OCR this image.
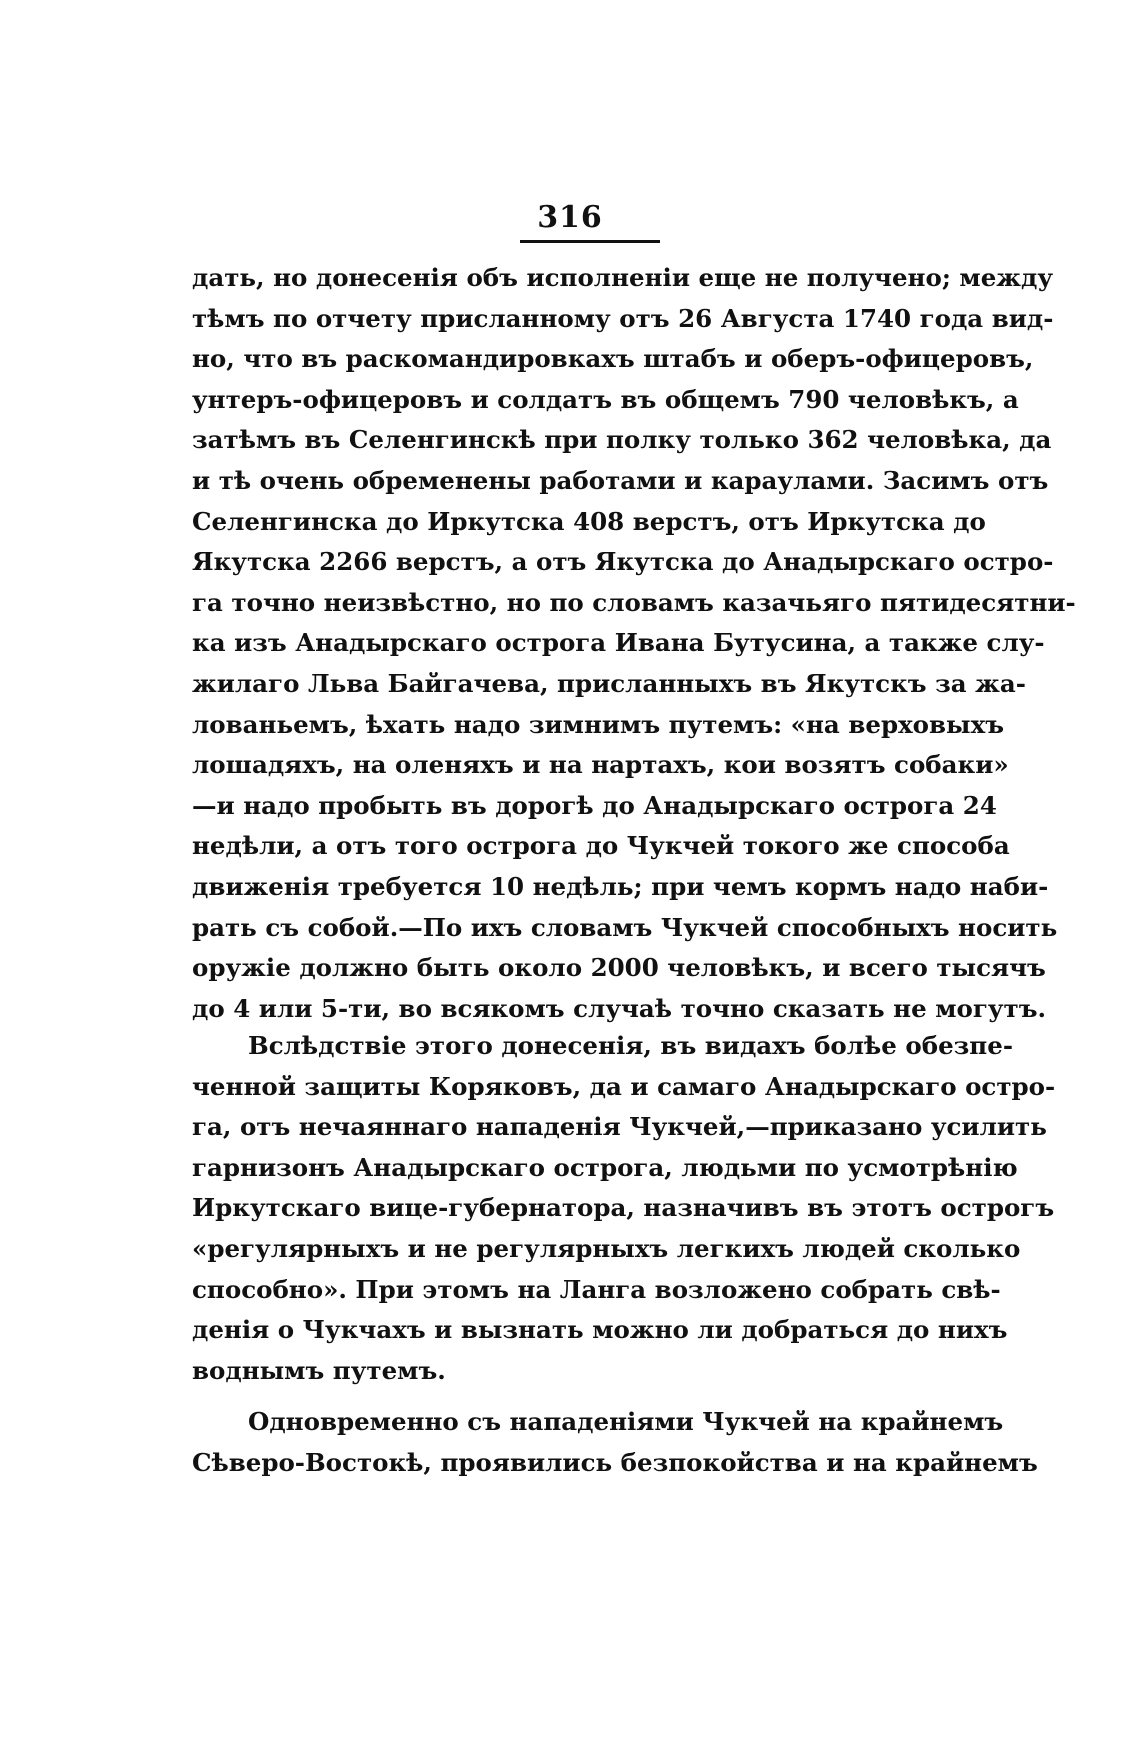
316
дать, но донесенія объ исполненіи еще не получено; между
тѣмъ по отчету присланному отъ 26 Августа 1740 года вид-
но, что въ раскомандировкахъ штабъ и оберъ-офицеровъ,
унтеръ-офицеровъ и солдатъ въ общемъ 790 человѣкъ, а
затѣмъ въ Селенгинскѣ при полку только 362 человѣка, да
и тѣ очень обременены работами и караулами. Засимъ отъ
Селенгинска до Иркутска 408 верстъ, отъ Иркутска до
Якутска 2266 верстъ, а отъ Якутска до Анадырскаго остро-
га точно неизвѣстно, но по словамъ казачьяго пятидесятни-
ка изъ Анадырскаго острога Ивана Бутусина, а также слу-
жилаго Льва Байгачева, присланныхъ въ Якутскъ за жа-
лованьемъ, ѣхать надо зимнимъ путемъ: «на верховыхъ
лошадяхъ, на оленяхъ и на нартахъ, кои возятъ собаки»
—и надо пробыть въ дорогѣ до Анадырскаго острога 24
недѣли, а отъ того острога до Чукчей токого же способа
движенія требуется 10 недѣль; при чемъ кормъ надо наби-
рать съ собой.—По ихъ словамъ Чукчей способныхъ носить
оружіе должно быть около 2000 человѣкъ, и всего тысячъ
до 4 или 5-ти, во всякомъ случаѣ точно сказать не могутъ.
Вслѣдствіе этого донесенія, въ видахъ болѣе обезпе-
ченной защиты Коряковъ, да и самаго Анадырскаго остро-
га, отъ нечаяннаго нападенія Чукчей,—приказано усилить
гарнизонъ Анадырскаго острога, людьми по усмотрѣнію
Иркутскаго вице-губернатора, назначивъ въ этотъ острогъ
«регулярныхъ и не регулярныхъ легкихъ людей сколько
способно». При этомъ на Ланга возложено собрать свѣ-
денія о Чукчахъ и вызнать можно ли добраться до нихъ
воднымъ путемъ.
Одновременно съ нападеніями Чукчей на крайнемъ
Сѣверо-Востокѣ, проявились безпокойства и на крайнемъ
